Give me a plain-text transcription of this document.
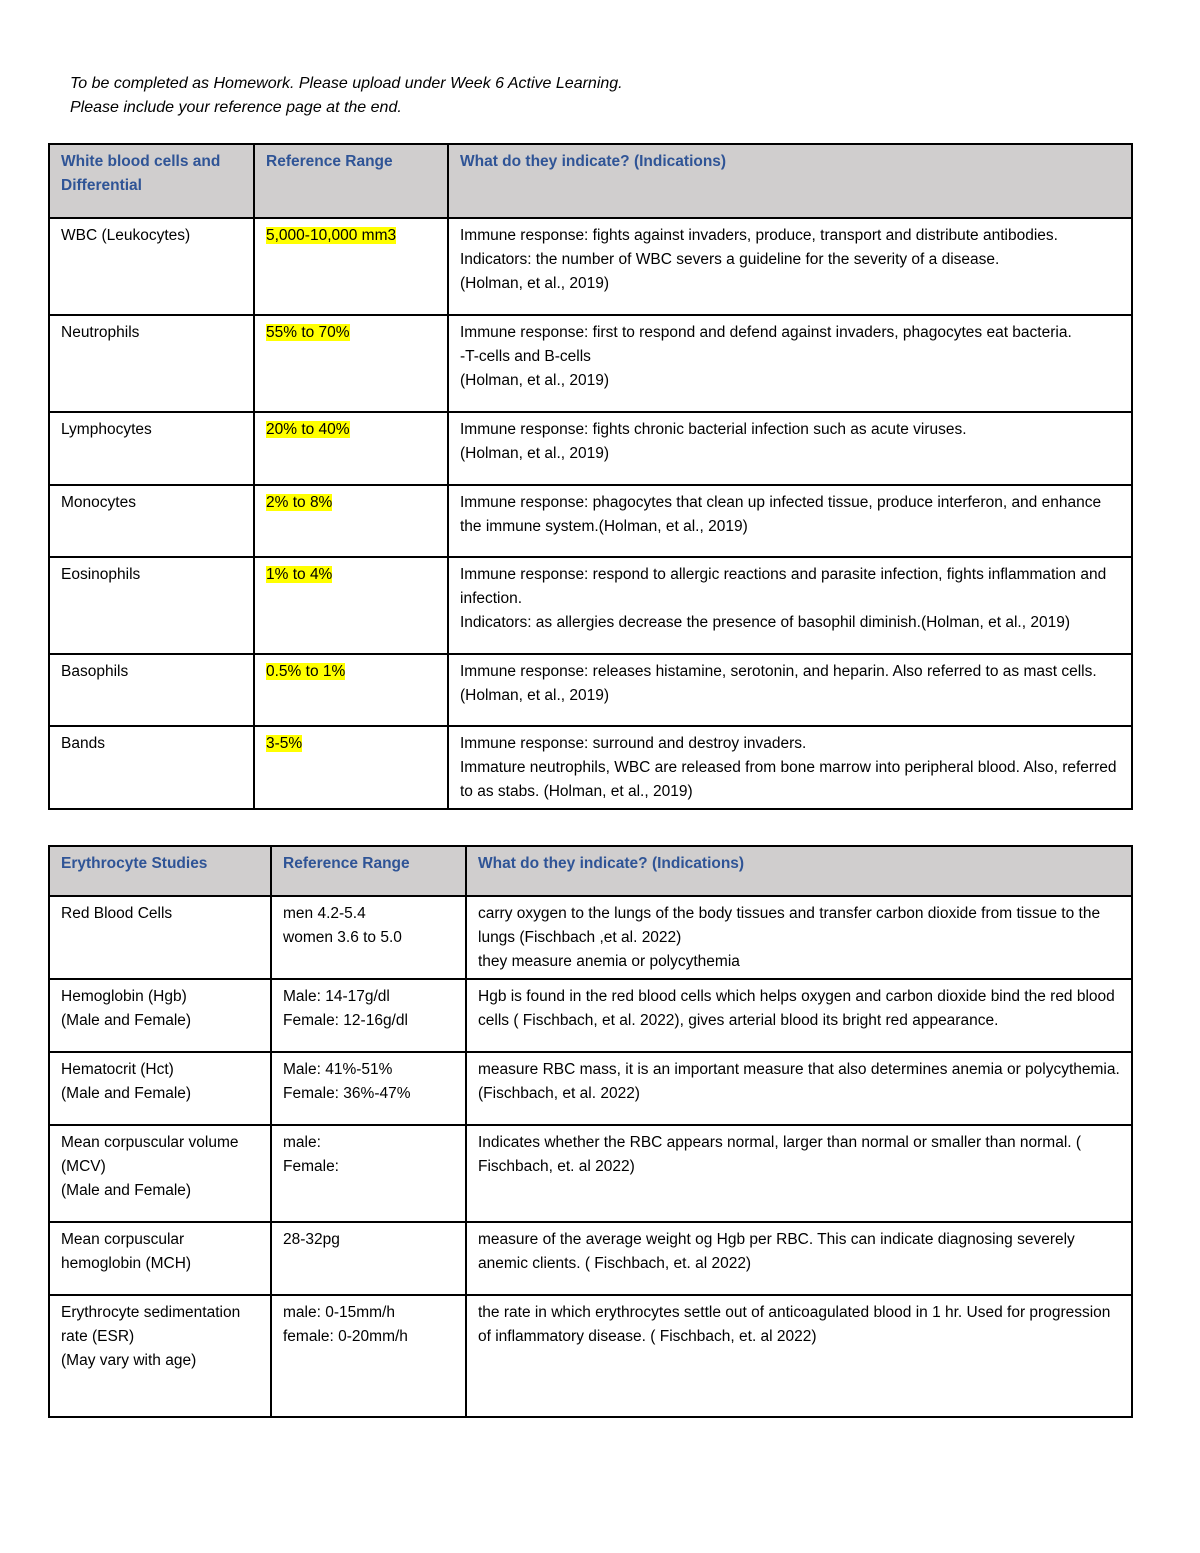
To be completed as Homework. Please upload under Week 6 Active Learning.
Please include your reference page at the end.
White blood cells and Differential	Reference Range	What do they indicate? (Indications)
WBC (Leukocytes)	5,000-10,000 mm3	Immune response: fights against invaders, produce, transport and distribute antibodies.
Indicators: the number of WBC severs a guideline for the severity of a disease.
(Holman, et al., 2019)

Neutrophils	55% to 70%	Immune response: first to respond and defend against invaders, phagocytes eat bacteria.
-T-cells and B-cells
(Holman, et al., 2019)

Lymphocytes	20% to 40%	Immune response: fights chronic bacterial infection such as acute viruses.
(Holman, et al., 2019)

Monocytes	2% to 8%	Immune response: phagocytes that clean up infected tissue, produce interferon, and enhance the immune system.(Holman, et al., 2019)

Eosinophils	1% to 4%	Immune response: respond to allergic reactions and parasite infection, fights inflammation and infection.
Indicators: as allergies decrease the presence of basophil diminish.(Holman, et al., 2019)

Basophils	0.5% to 1%	Immune response: releases histamine, serotonin, and heparin. Also referred to as mast cells. (Holman, et al., 2019)

Bands	3-5%	Immune response: surround and destroy invaders.
Immature neutrophils, WBC are released from bone marrow into peripheral blood. Also, referred to as stabs. (Holman, et al., 2019)
Erythrocyte Studies	Reference Range	What do they indicate? (Indications)

Red Blood Cells	men 4.2-5.4
women 3.6 to 5.0	carry oxygen to the lungs of the body tissues and transfer carbon dioxide from tissue to the lungs (Fischbach ,et al. 2022)
they measure anemia or polycythemia

Hemoglobin (Hgb)
(Male and Female)	Male: 14-17g/dl
Female: 12-16g/dl	Hgb is found in the red blood cells which helps oxygen and carbon dioxide bind the red blood cells ( Fischbach, et al. 2022), gives arterial blood its bright red appearance.

Hematocrit (Hct)
(Male and Female)	Male: 41%-51%
Female: 36%-47%	measure RBC mass, it is an important measure that also determines anemia or polycythemia. (Fischbach, et al. 2022)

Mean corpuscular volume (MCV)
(Male and Female)	male:
Female:	Indicates whether the RBC appears normal, larger than normal or smaller than normal. ( Fischbach, et. al 2022)

Mean corpuscular hemoglobin (MCH)	28-32pg	measure of the average weight og Hgb per RBC. This can indicate diagnosing severely anemic clients. ( Fischbach, et. al 2022)

Erythrocyte sedimentation rate (ESR)
(May vary with age)	male: 0-15mm/h
female: 0-20mm/h	the rate in which erythrocytes settle out of anticoagulated blood in 1 hr. Used for progression of inflammatory disease. ( Fischbach, et. al 2022)
